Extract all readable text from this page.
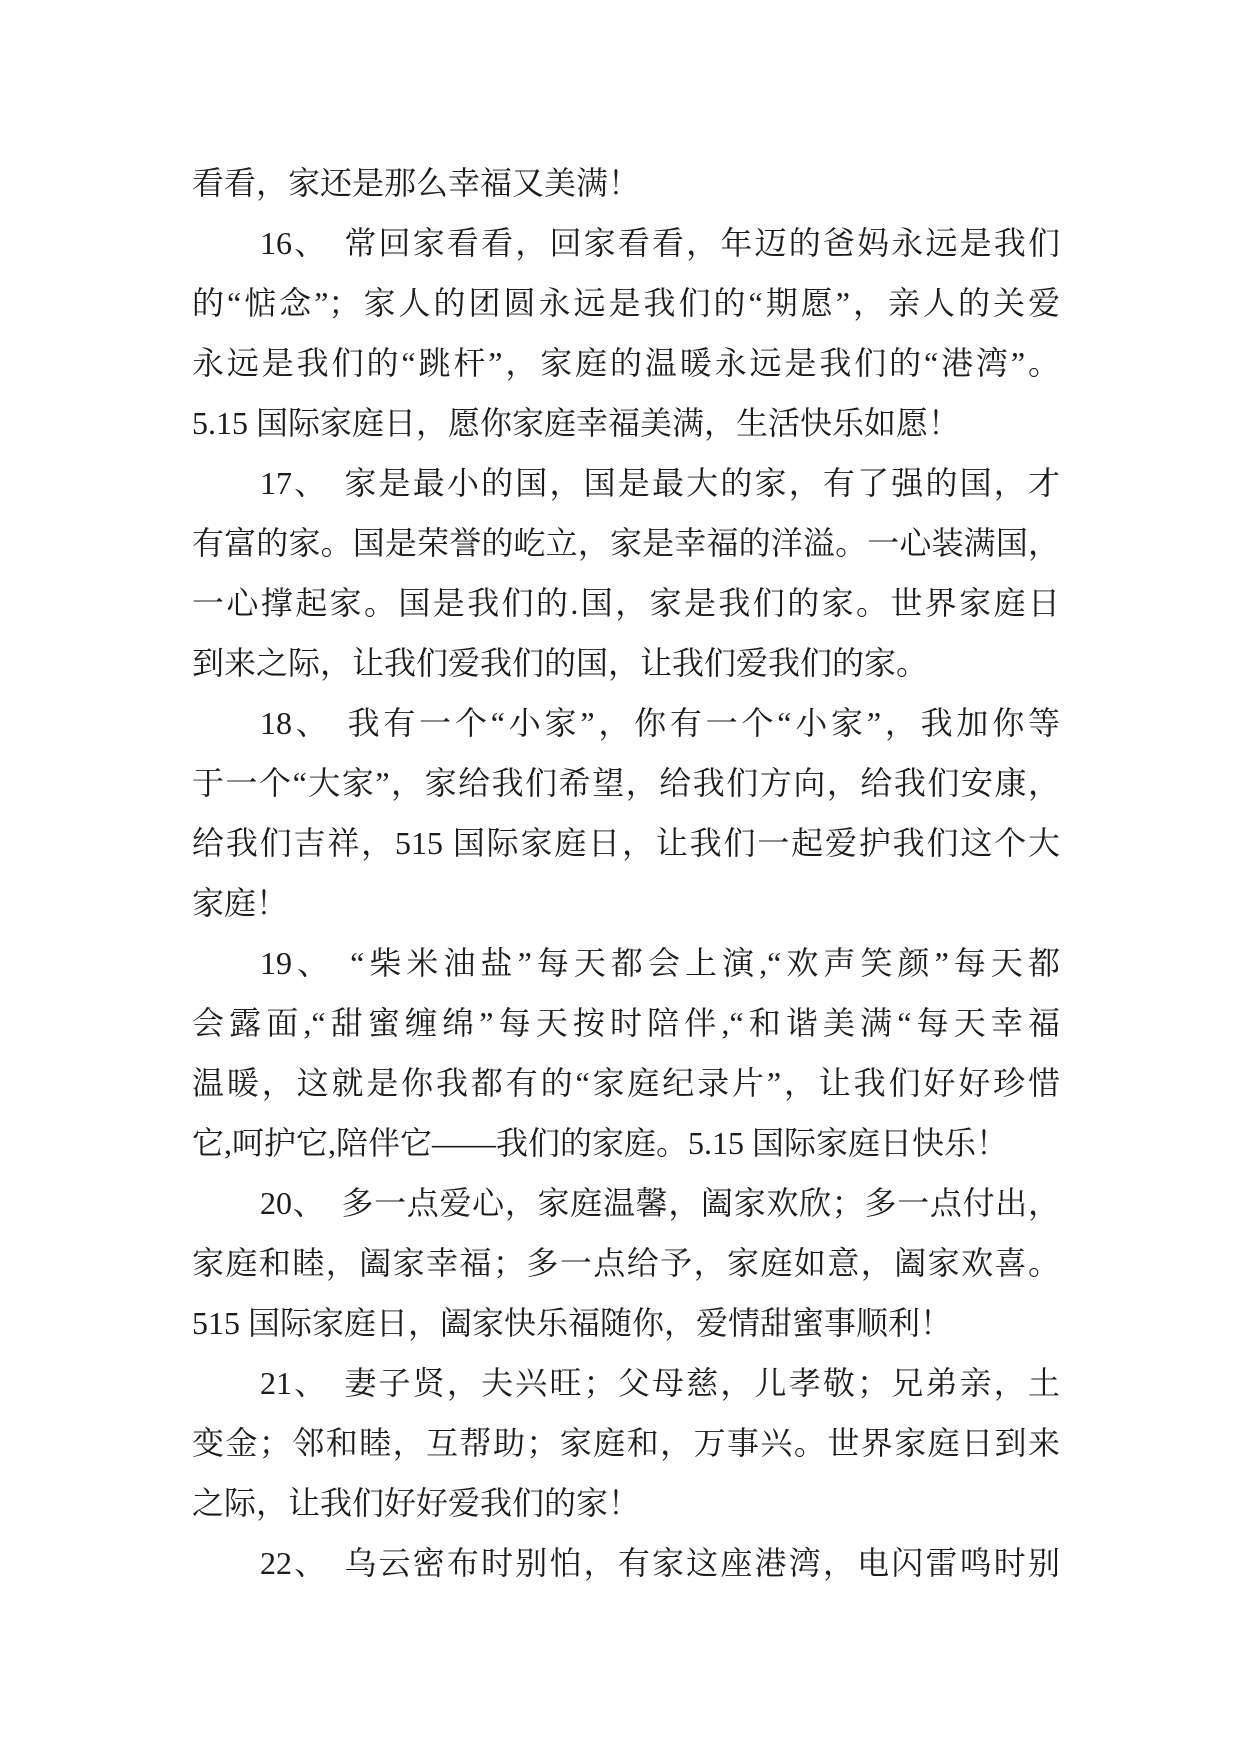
看看，家还是那么幸福又美满！
16、 常回家看看，回家看看，年迈的爸妈永远是我们
的“惦念”；家人的团圆永远是我们的“期愿”，亲人的关爱
永远是我们的“跳杆”，家庭的温暖永远是我们的“港湾”。
5.15 国际家庭日，愿你家庭幸福美满，生活快乐如愿！
17、 家是最小的国，国是最大的家，有了强的国，才
有富的家。国是荣誉的屹立，家是幸福的洋溢。一心装满国，
一心撑起家。国是我们的.国，家是我们的家。世界家庭日
到来之际，让我们爱我们的国，让我们爱我们的家。
18、 我有一个“小家”，你有一个“小家”，我加你等
于一个“大家”，家给我们希望，给我们方向，给我们安康，
给我们吉祥，515 国际家庭日，让我们一起爱护我们这个大
家庭！
19、 “柴米油盐”每天都会上演,“欢声笑颜”每天都
会露面,“甜蜜缠绵”每天按时陪伴,“和谐美满“每天幸福
温暖，这就是你我都有的“家庭纪录片”，让我们好好珍惜
它,呵护它,陪伴它——我们的家庭。5.15 国际家庭日快乐！
20、 多一点爱心，家庭温馨，阖家欢欣；多一点付出，
家庭和睦，阖家幸福；多一点给予，家庭如意，阖家欢喜。
515 国际家庭日，阖家快乐福随你，爱情甜蜜事顺利！
21、 妻子贤，夫兴旺；父母慈，儿孝敬；兄弟亲，土
变金；邻和睦，互帮助；家庭和，万事兴。世界家庭日到来
之际，让我们好好爱我们的家！
22、 乌云密布时别怕，有家这座港湾，电闪雷鸣时别
